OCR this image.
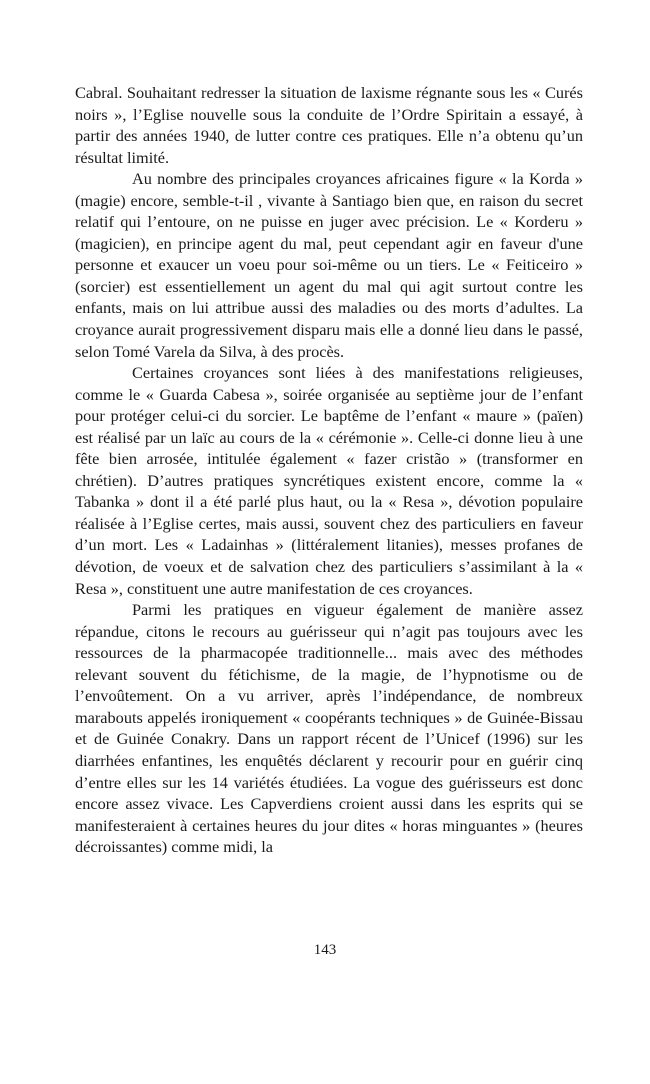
Cabral. Souhaitant redresser la situation de laxisme régnante sous les « Curés noirs », l’Eglise nouvelle sous la conduite de l’Ordre Spiritain a essayé, à partir des années 1940, de lutter contre ces pratiques. Elle n’a obtenu qu’un résultat limité.

Au nombre des principales croyances africaines figure « la Korda » (magie) encore, semble-t-il , vivante à Santiago bien que, en raison du secret relatif qui l’entoure, on ne puisse en juger avec précision. Le « Korderu » (magicien), en principe agent du mal, peut cependant agir en faveur d'une personne et exaucer un voeu pour soi-même ou un tiers. Le « Feiticeiro » (sorcier) est essentiellement un agent du mal qui agit surtout contre les enfants, mais on lui attribue aussi des maladies ou des morts d’adultes. La croyance aurait progressivement disparu mais elle a donné lieu dans le passé, selon Tomé Varela da Silva, à des procès.

Certaines croyances sont liées à des manifestations religieuses, comme le « Guarda Cabesa », soirée organisée au septième jour de l’enfant pour protéger celui-ci du sorcier. Le baptême de l’enfant « maure » (païen) est réalisé par un laïc au cours de la « cérémonie ». Celle-ci donne lieu à une fête bien arrosée, intitulée également « fazer cristão » (transformer en chrétien). D’autres pratiques syncrétiques existent encore, comme la « Tabanka » dont il a été parlé plus haut, ou la « Resa », dévotion populaire réalisée à l’Eglise certes, mais aussi, souvent chez des particuliers en faveur d’un mort. Les « Ladainhas » (littéralement litanies), messes profanes de dévotion, de voeux et de salvation chez des particuliers s’assimilant à la « Resa », constituent une autre manifestation de ces croyances.

Parmi les pratiques en vigueur également de manière assez répandue, citons le recours au guérisseur qui n’agit pas toujours avec les ressources de la pharmacopée traditionnelle... mais avec des méthodes relevant souvent du fétichisme, de la magie, de l’hypnotisme ou de l’envoûtement. On a vu arriver, après l’indépendance, de nombreux marabouts appelés ironiquement « coopérants techniques » de Guinée-Bissau et de Guinée Conakry. Dans un rapport récent de l’Unicef (1996) sur les diarrhées enfantines, les enquêtés déclarent y recourir pour en guérir cinq d’entre elles sur les 14 variétés étudiées. La vogue des guérisseurs est donc encore assez vivace. Les Capverdiens croient aussi dans les esprits qui se manifesteraient à certaines heures du jour dites « horas minguantes » (heures décroissantes) comme midi, la

143
